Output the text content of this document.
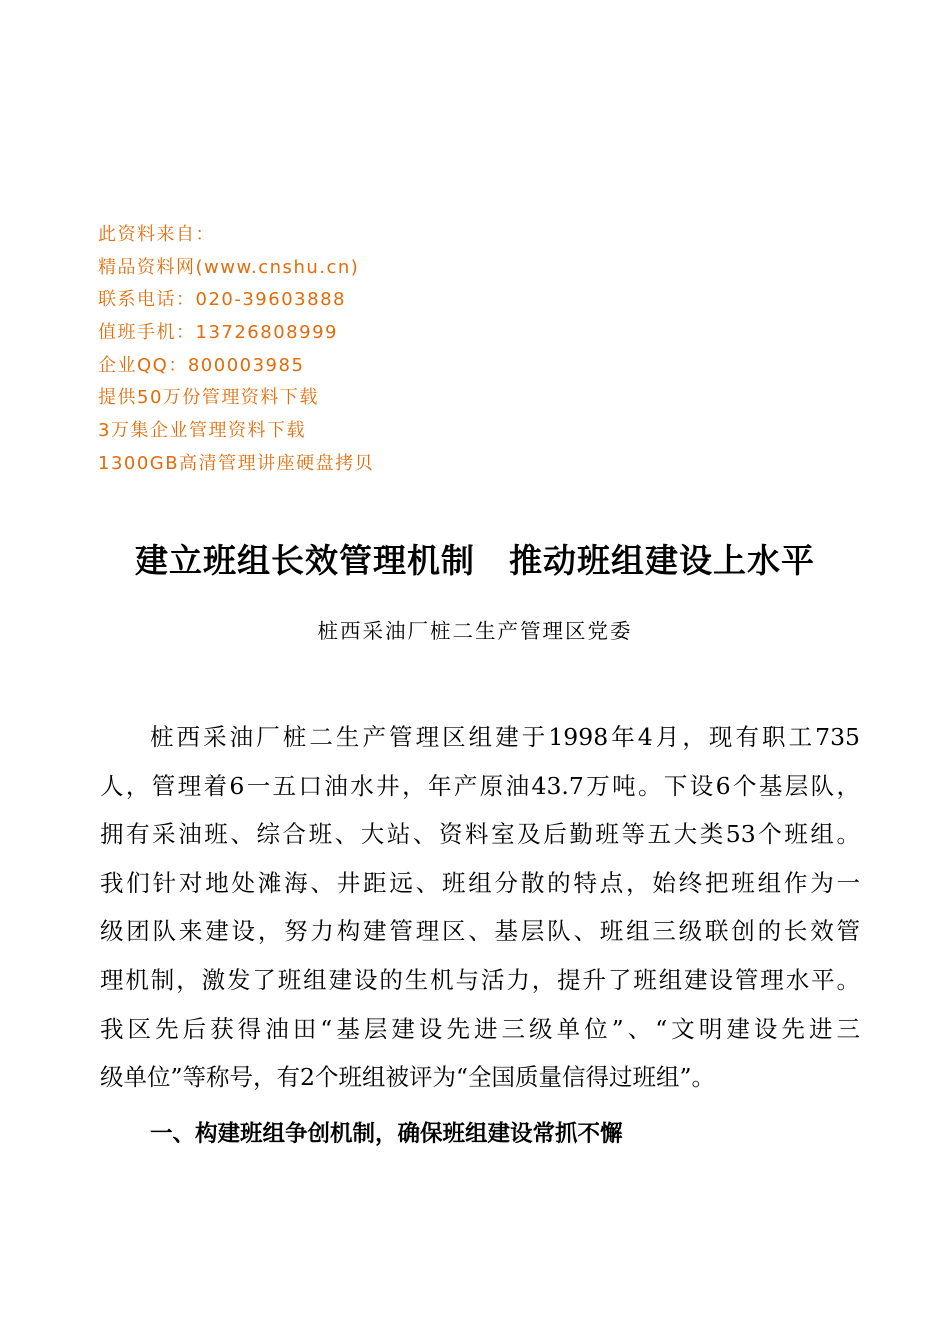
此资料来自：
精品资料网(www.cnshu.cn)
联系电话：020-39603888
值班手机：13726808999
企业QQ：800003985
提供50万份管理资料下载
3万集企业管理资料下载
1300GB高清管理讲座硬盘拷贝
建立班组长效管理机制　推动班组建设上水平
桩西采油厂桩二生产管理区党委
桩西采油厂桩二生产管理区组建于1998年4月，现有职工735
人，管理着6一五口油水井，年产原油43.7万吨。下设6个基层队，
拥有采油班、综合班、大站、资料室及后勤班等五大类53个班组。
我们针对地处滩海、井距远、班组分散的特点，始终把班组作为一
级团队来建设，努力构建管理区、基层队、班组三级联创的长效管
理机制，激发了班组建设的生机与活力，提升了班组建设管理水平。
我区先后获得油田“基层建设先进三级单位”、“文明建设先进三
级单位”等称号，有2个班组被评为“全国质量信得过班组”。
一、构建班组争创机制，确保班组建设常抓不懈
